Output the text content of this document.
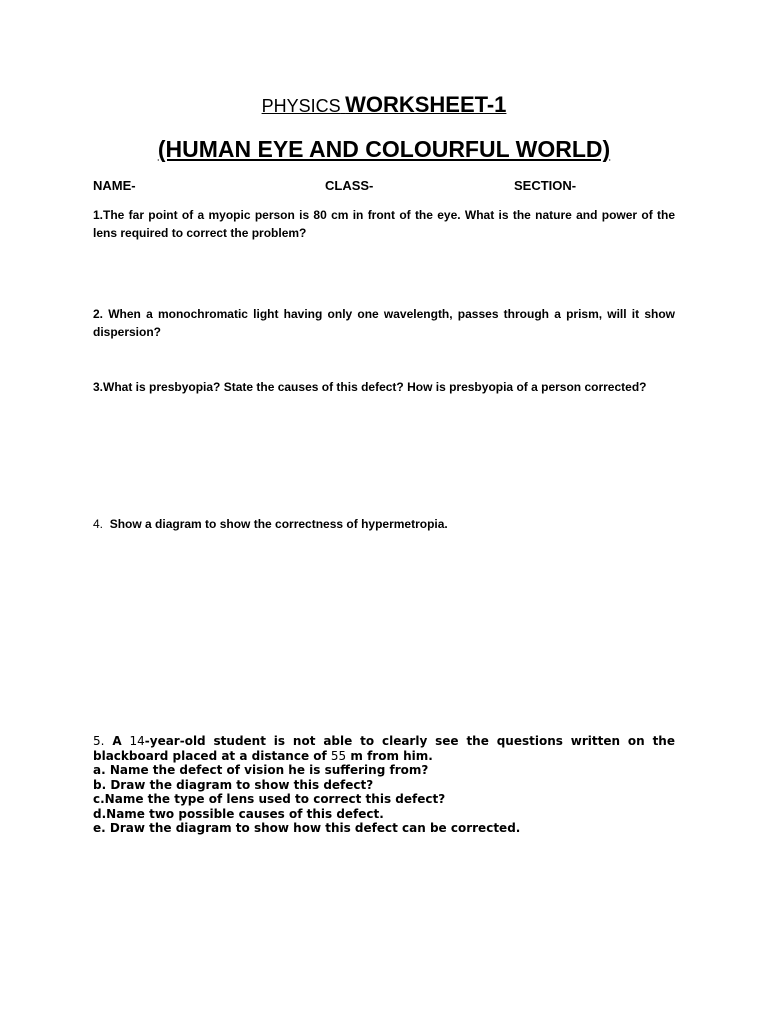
PHYSICS WORKSHEET-1
(HUMAN EYE AND COLOURFUL WORLD)
NAME-	CLASS-	SECTION-
1.The far point of a myopic person is 80 cm in front of the eye. What is the nature and power of the lens required to correct the problem?
2. When a monochromatic light having only one wavelength, passes through a prism, will it show dispersion?
3.What is presbyopia? State the causes of this defect? How is presbyopia of a person corrected?
4. Show a diagram to show the correctness of hypermetropia.
5. A 14-year-old student is not able to clearly see the questions written on the blackboard placed at a distance of 55 m from him.
a. Name the defect of vision he is suffering from?
b. Draw the diagram to show this defect?
c.Name the type of lens used to correct this defect?
d.Name two possible causes of this defect.
e. Draw the diagram to show how this defect can be corrected.
